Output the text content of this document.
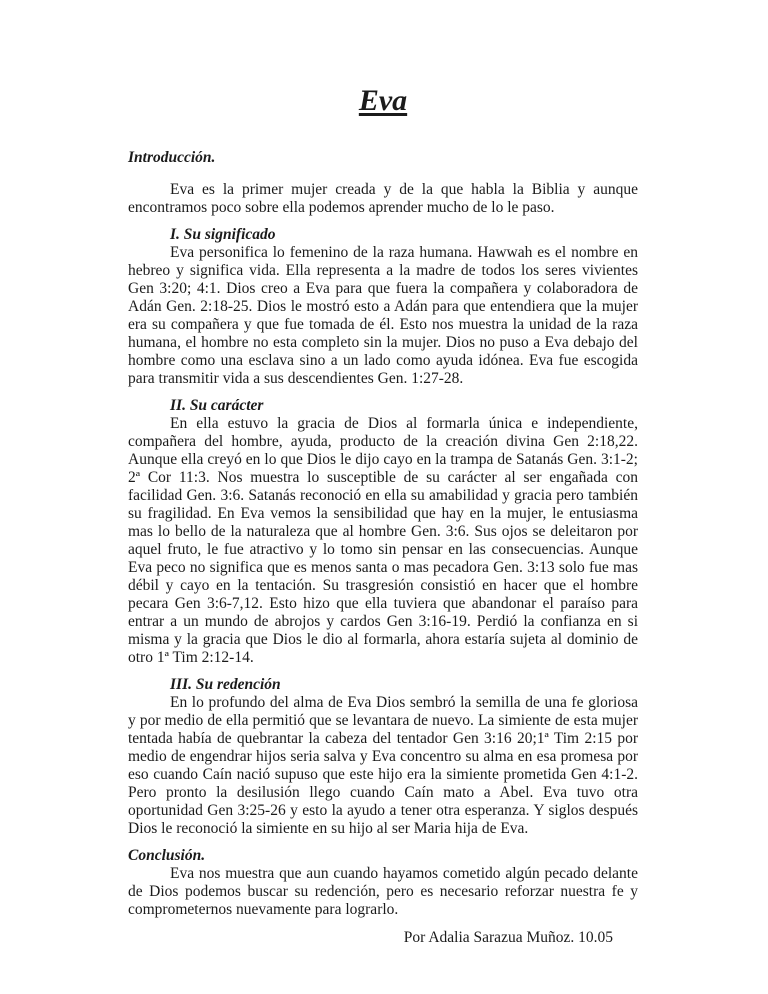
Eva
Introducción.

Eva es la primer mujer creada y de la que habla la Biblia y aunque encontramos poco sobre ella podemos aprender mucho de lo le paso.

I. Su significado

Eva personifica lo femenino de la raza humana. Hawwah es el nombre en hebreo y significa vida. Ella representa a la madre de todos los seres vivientes Gen 3:20; 4:1. Dios creo a Eva para que fuera la compañera y colaboradora de Adán Gen. 2:18-25. Dios le mostró esto a Adán para que entendiera que la mujer era su compañera y que fue tomada de él. Esto nos muestra la unidad de la raza humana, el hombre no esta completo sin la mujer. Dios no puso a Eva debajo del hombre como una esclava sino a un lado como ayuda idónea. Eva fue escogida para transmitir vida a sus descendientes Gen. 1:27-28.

II. Su carácter

En ella estuvo la gracia de Dios al formarla única e independiente, compañera del hombre, ayuda, producto de la creación divina Gen 2:18,22. Aunque ella creyó en lo que Dios le dijo cayo en la trampa de Satanás Gen. 3:1-2; 2ª Cor 11:3. Nos muestra lo susceptible de su carácter al ser engañada con facilidad Gen. 3:6. Satanás reconoció en ella su amabilidad y gracia pero también su fragilidad. En Eva vemos la sensibilidad que hay en la mujer, le entusiasma mas lo bello de la naturaleza que al hombre Gen. 3:6. Sus ojos se deleitaron por aquel fruto, le fue atractivo y lo tomo sin pensar en las consecuencias. Aunque Eva peco no significa que es menos santa o mas pecadora Gen. 3:13 solo fue mas débil y cayo en la tentación. Su trasgresión consistió en hacer que el hombre pecara Gen 3:6-7,12. Esto hizo que ella tuviera que abandonar el paraíso para entrar a un mundo de abrojos y cardos Gen 3:16-19. Perdió la confianza en si misma y la gracia que Dios le dio al formarla, ahora estaría sujeta al dominio de otro 1ª Tim 2:12-14.

III. Su redención

En lo profundo del alma de Eva Dios sembró la semilla de una fe gloriosa y por medio de ella permitió que se levantara de nuevo. La simiente de esta mujer tentada había de quebrantar la cabeza del tentador Gen 3:16 20;1ª Tim 2:15 por medio de engendrar hijos seria salva y Eva concentro su alma en esa promesa por eso cuando Caín nació supuso que este hijo era la simiente prometida Gen 4:1-2. Pero pronto la desilusión llego cuando Caín mato a Abel. Eva tuvo otra oportunidad Gen 3:25-26 y esto la ayudo a tener otra esperanza. Y siglos después Dios le reconoció la simiente en su hijo al ser Maria hija de Eva.

Conclusión.

Eva nos muestra que aun cuando hayamos cometido algún pecado delante de Dios podemos buscar su redención, pero es necesario reforzar nuestra fe y comprometernos nuevamente para lograrlo.

Por Adalia Sarazua Muñoz. 10.05
